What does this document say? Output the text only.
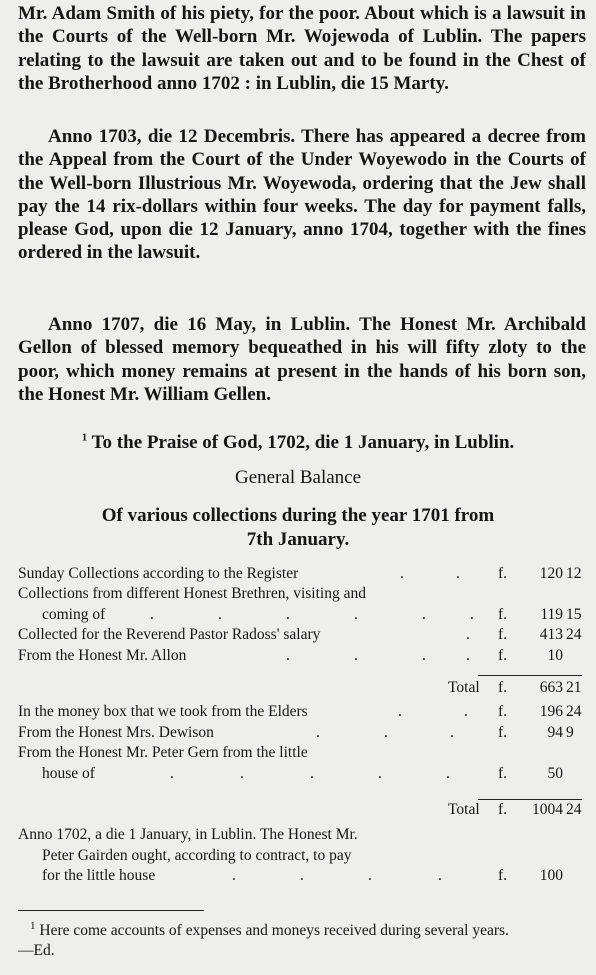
Mr. Adam Smith of his piety, for the poor. About which is a lawsuit in the Courts of the Well-born Mr. Wojewoda of Lublin. The papers relating to the lawsuit are taken out and to be found in the Chest of the Brotherhood anno 1702 : in Lublin, die 15 Marty.

Anno 1703, die 12 Decembris. There has appeared a decree from the Appeal from the Court of the Under Woyewodo in the Courts of the Well-born Illustrious Mr. Woyewoda, ordering that the Jew shall pay the 14 rix-dollars within four weeks. The day for payment falls, please God, upon die 12 January, anno 1704, together with the fines ordered in the lawsuit.

Anno 1707, die 16 May, in Lublin. The Honest Mr. Archibald Gellon of blessed memory bequeathed in his will fifty zloty to the poor, which money remains at present in the hands of his born son, the Honest Mr. William Gellen.

$^1$ To the Praise of God, 1702, die 1 January, in Lublin.

General Balance

Of various collections during the year 1701 from

7th January.

Sunday Collections according to the Register	.	. f.	120 12
Collections from different Honest Brethren, visiting and
coming of	.	.	.	.	.	. f.	119 15
Collected for the Reverend Pastor Radoss' salary	. f.	413 24
From the Honest Mr. Allon	.	.	.	. f.	10
Total f.	663 21
In the money box that we took from the Elders	.	. f.	196 24
From the Honest Mrs. Dewison	.	.	.	f.	94 9
From the Honest Mr. Peter Gern from the little
house of	.	.	.	.	.	f.	50
Total f.	1004 24
Anno 1702, a die 1 January, in Lublin. The Honest Mr.
Peter Gairden ought, according to contract, to pay
for the little house	.	.	.	.	f.	100

$^1$ Here come accounts of expenses and moneys received during several years.

—Ed.
